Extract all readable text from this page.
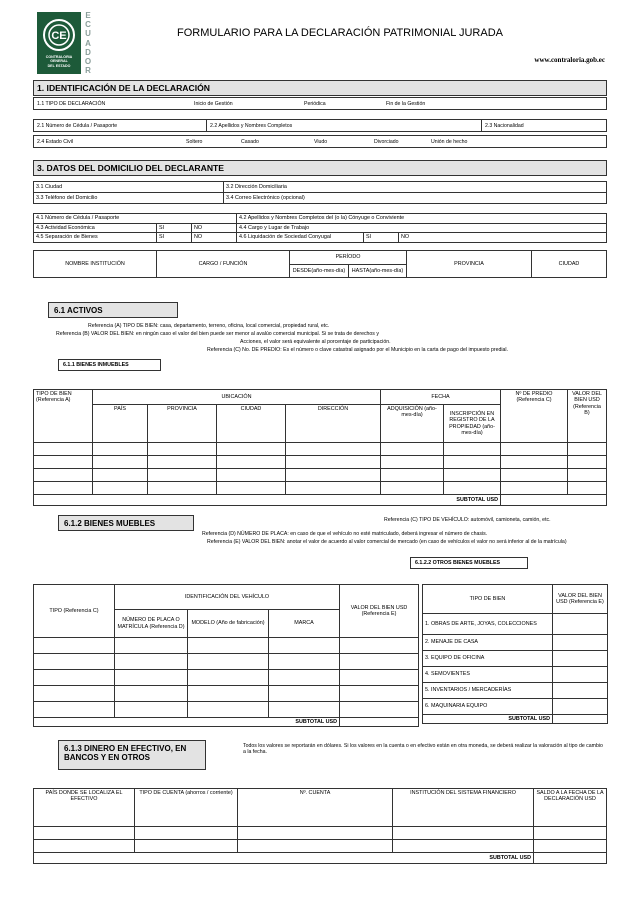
CE
CONTRALORIA
GENERAL
DEL ESTADO
E
C
U
A
D
O
R
FORMULARIO PARA LA DECLARACIÓN PATRIMONIAL JURADA
www.contraloria.gob.ec
1. IDENTIFICACIÓN DE LA DECLARACIÓN
1.1 TIPO DE DECLARACIÓN	Inicio de Gestión	Periódica	Fin de la Gestión
2.1 Número de Cédula / Pasaporte	2.2 Apellidos y Nombres Completos	2.3 Nacionalidad
2.4 Estado Civil	Soltero	Casado	Viudo	Divorciado	Unión de hecho
3. DATOS DEL DOMICILIO DEL DECLARANTE
3.1 Ciudad	3.2 Dirección Domiciliaria
3.3 Teléfono del Domicilio	3.4 Correo Electrónico (opcional)
4.1 Número de Cédula / Pasaporte			4.2 Apellidos y Nombres Completos del (o la) Cónyuge o Conviviente		
4.3 Actividad Económica	SI	NO	4.4 Cargo y Lugar de Trabajo		
4.5 Separación de Bienes	SI	NO	4.6 Liquidación de Sociedad Conyugal	SI	NO
NOMBRE INSTITUCIÓN	CARGO / FUNCIÓN	PERÍODO		PROVINCIA	CIUDAD
		DESDE(año-mes-día)	HASTA(año-mes-día)		
6.1 ACTIVOS
Referencia (A) TIPO DE BIEN: casa, departamento, terreno, oficina, local comercial, propiedad rural, etc.
Referencia (B) VALOR DEL BIEN: en ningún caso el valor del bien puede ser menor al avalúo comercial municipal. Si se trata de derechos y
Acciones, el valor será equivalente al porcentaje de participación.
Referencia (C) No. DE PREDIO: Es el número o clave catastral asignado por el Municipio en la carta de pago del impuesto predial.
6.1.1 BIENES INMUEBLES
TIPO DE BIEN (Referencia A)	UBICACIÓN				FECHA		Nº DE PREDIO (Referencia C)	VALOR DEL BIEN USD (Referencia B)
	PAÍS	PROVINCIA	CIUDAD	DIRECCIÓN	ADQUISICIÓN (año-mes-día)	INSCRIPCIÓN EN REGISTRO DE LA PROPIEDAD (año-mes-día)		

SUBTOTAL USD								
6.1.2 BIENES MUEBLES	Referencia (C) TIPO DE VEHÍCULO: automóvil, camioneta, camión, etc.
Referencia (D) NÚMERO DE PLACA: en caso de que el vehículo no esté matriculado, deberá ingresar el número de chasis.
Referencia (E) VALOR DEL BIEN: anotar el valor de acuerdo al valor comercial de mercado (en caso de vehículos el valor no será inferior al de la matrícula)
6.1.2.2 OTROS BIENES MUEBLES
TIPO (Referencia C)	IDENTIFICACIÓN DEL VEHÍCULO			VALOR DEL BIEN USD (Referencia E)
	NÚMERO DE PLACA O MATRÍCULA (Referencia D)	MODELO (Año de fabricación)	MARCA	

SUBTOTAL USD				
TIPO DE BIEN	VALOR DEL BIEN USD (Referencia E)
1. OBRAS DE ARTE, JOYAS, COLECCIONES	
2. MENAJE DE CASA	
3. EQUIPO DE OFICINA	
4. SEMOVIENTES	
5. INVENTARIOS / MERCADERÍAS	
6. MAQUINARIA EQUIPO	
SUBTOTAL USD	
6.1.3 DINERO EN EFECTIVO, EN BANCOS Y EN OTROS
Todos los valores se reportarán en dólares. Si los valores en la cuenta o en efectivo están en otra moneda, se deberá realizar la valoración al tipo de cambio a la fecha.
PAÍS DONDE SE LOCALIZA EL EFECTIVO	TIPO DE CUENTA (ahorros / corriente)	Nº. CUENTA	INSTITUCIÓN DEL SISTEMA FINANCIERO	SALDO A LA FECHA DE LA DECLARACIÓN USD

SUBTOTAL USD				
